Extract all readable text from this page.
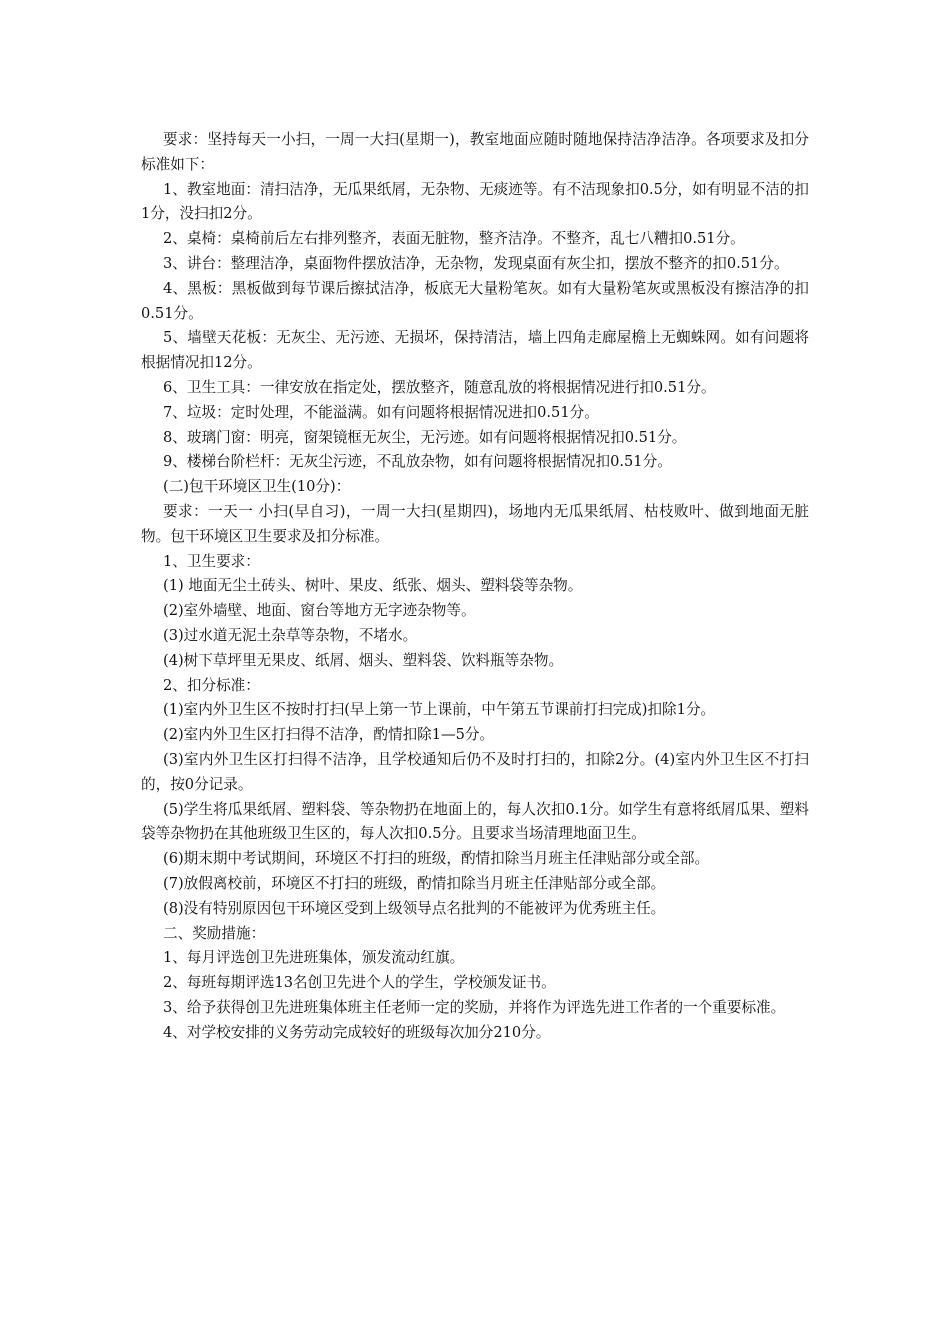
要求：坚持每天一小扫，一周一大扫(星期一)，教室地面应随时随地保持洁净洁净。各项要求及扣分标准如下：

1、教室地面：清扫洁净，无瓜果纸屑，无杂物、无痰迹等。有不洁现象扣0.5分，如有明显不洁的扣1分，没扫扣2分。

2、桌椅：桌椅前后左右排列整齐，表面无脏物，整齐洁净。不整齐，乱七八糟扣0.51分。

3、讲台：整理洁净，桌面物件摆放洁净，无杂物，发现桌面有灰尘扣，摆放不整齐的扣0.51分。

4、黑板：黑板做到每节课后擦拭洁净，板底无大量粉笔灰。如有大量粉笔灰或黑板没有擦洁净的扣0.51分。

5、墙壁天花板：无灰尘、无污迹、无损坏，保持清洁，墙上四角走廊屋檐上无蜘蛛网。如有问题将根据情况扣12分。

6、卫生工具：一律安放在指定处，摆放整齐，随意乱放的将根据情况进行扣0.51分。

7、垃圾：定时处理，不能溢满。如有问题将根据情况进扣0.51分。

8、玻璃门窗：明亮，窗架镜框无灰尘，无污迹。如有问题将根据情况扣0.51分。

9、楼梯台阶栏杆：无灰尘污迹，不乱放杂物，如有问题将根据情况扣0.51分。

(二)包干环境区卫生(10分)：

要求：一天一 小扫(早自习)，一周一大扫(星期四)，场地内无瓜果纸屑、枯枝败叶、做到地面无脏物。包干环境区卫生要求及扣分标准。

1、卫生要求：

(1) 地面无尘土砖头、树叶、果皮、纸张、烟头、塑料袋等杂物。

(2)室外墙壁、地面、窗台等地方无字迹杂物等。

(3)过水道无泥土杂草等杂物，不堵水。

(4)树下草坪里无果皮、纸屑、烟头、塑料袋、饮料瓶等杂物。

2、扣分标准：

(1)室内外卫生区不按时打扫(早上第一节上课前，中午第五节课前打扫完成)扣除1分。

(2)室内外卫生区打扫得不洁净，酌情扣除1—5分。

(3)室内外卫生区打扫得不洁净，且学校通知后仍不及时打扫的，扣除2分。(4)室内外卫生区不打扫的，按0分记录。

(5)学生将瓜果纸屑、塑料袋、等杂物扔在地面上的，每人次扣0.1分。如学生有意将纸屑瓜果、塑料袋等杂物扔在其他班级卫生区的，每人次扣0.5分。且要求当场清理地面卫生。

(6)期末期中考试期间，环境区不打扫的班级，酌情扣除当月班主任津贴部分或全部。

(7)放假离校前，环境区不打扫的班级，酌情扣除当月班主任津贴部分或全部。

(8)没有特别原因包干环境区受到上级领导点名批判的不能被评为优秀班主任。

二、奖励措施：

1、每月评选创卫先进班集体，颁发流动红旗。

2、每班每期评选13名创卫先进个人的学生，学校颁发证书。

3、给予获得创卫先进班集体班主任老师一定的奖励，并将作为评选先进工作者的一个重要标准。

4、对学校安排的义务劳动完成较好的班级每次加分210分。
